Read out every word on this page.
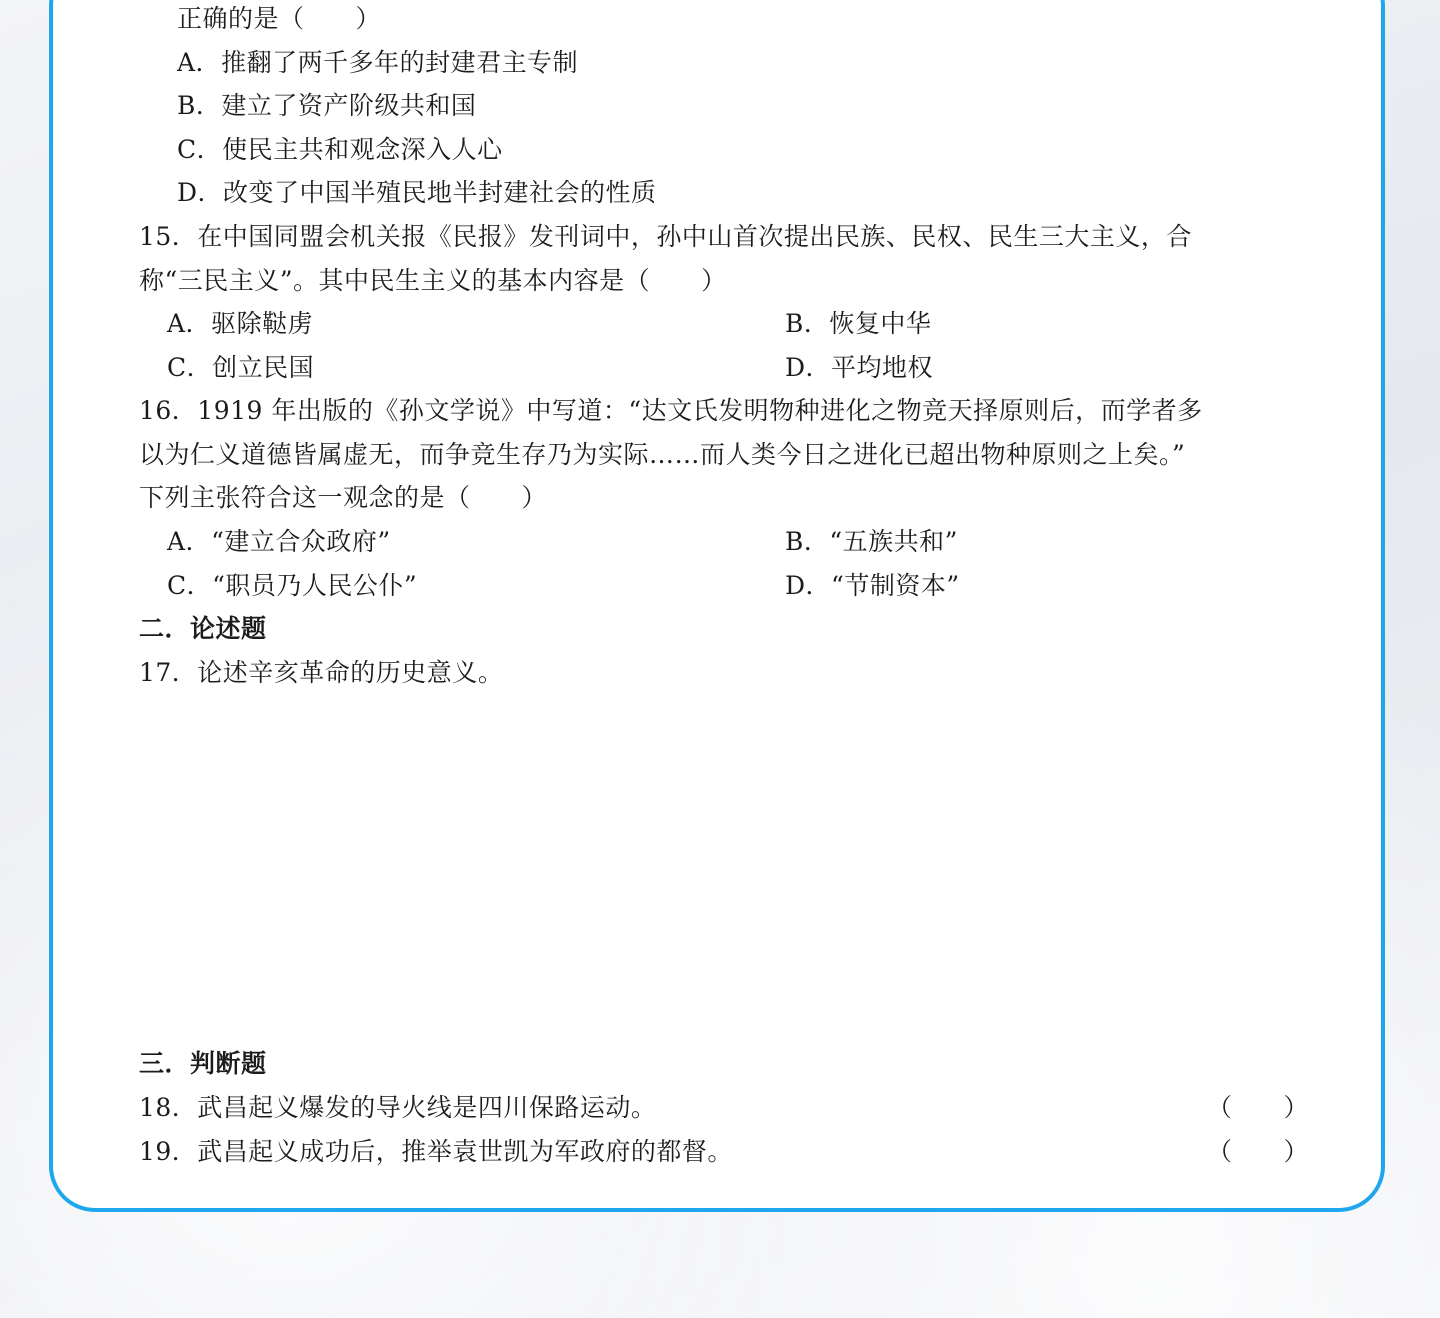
正确的是（　　）
A．推翻了两千多年的封建君主专制
B．建立了资产阶级共和国
C．使民主共和观念深入人心
D．改变了中国半殖民地半封建社会的性质
15．在中国同盟会机关报《民报》发刊词中，孙中山首次提出民族、民权、民生三大主义，合
称“三民主义”。其中民生主义的基本内容是（　　）
A．驱除鞑虏	B．恢复中华
C．创立民国	D．平均地权
16．1919 年出版的《孙文学说》中写道：“达文氏发明物种进化之物竞天择原则后，而学者多
以为仁义道德皆属虚无，而争竞生存乃为实际……而人类今日之进化已超出物种原则之上矣。”
下列主张符合这一观念的是（　　）
A．“建立合众政府”	B．“五族共和”
C．“职员乃人民公仆”	D．“节制资本”
二．论述题
17．论述辛亥革命的历史意义。
三．判断题
18．武昌起义爆发的导火线是四川保路运动。	（　　）
19．武昌起义成功后，推举袁世凯为军政府的都督。	（　　）
